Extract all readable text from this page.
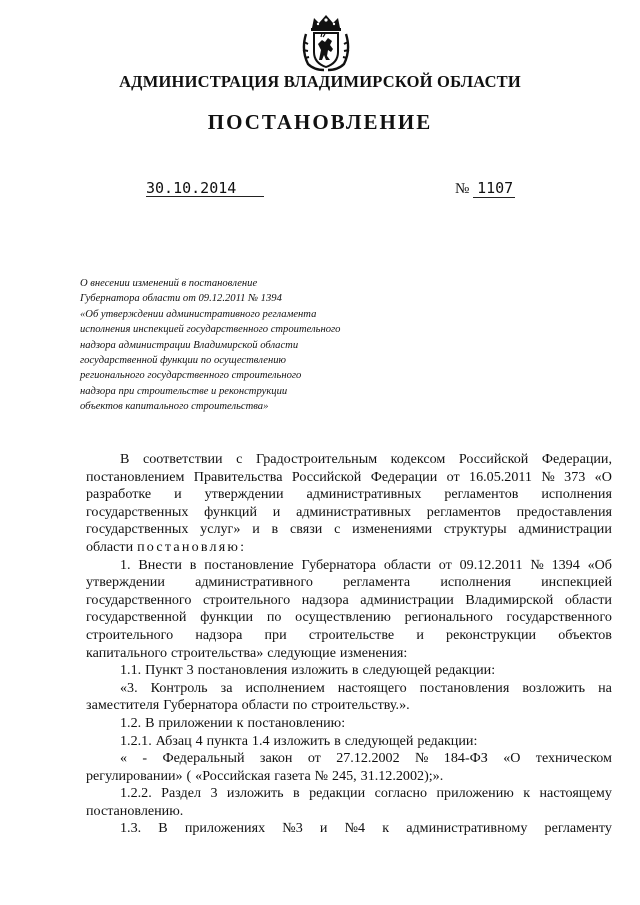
АДМИНИСТРАЦИЯ ВЛАДИМИРСКОЙ ОБЛАСТИ
ПОСТАНОВЛЕНИЕ
30.10.2014	№ 1107
О внесении изменений в постановление
Губернатора области от 09.12.2011 № 1394
«Об утверждении административного регламента
исполнения инспекцией государственного строительного
надзора администрации Владимирской области
государственной функции по осуществлению
регионального государственного строительного
надзора при строительстве и реконструкции
объектов капитального строительства»
В соответствии с Градостроительным кодексом Российской Федерации,
постановлением Правительства Российской Федерации от 16.05.2011 № 373 «О
разработке и утверждении административных регламентов исполнения
государственных функций и административных регламентов предоставления
государственных услуг» и в связи с изменениями структуры администрации
области постановляю:
1. Внести в постановление Губернатора области от 09.12.2011 № 1394 «Об
утверждении административного регламента исполнения инспекцией
государственного строительного надзора администрации Владимирской области
государственной функции по осуществлению регионального государственного
строительного надзора при строительстве и реконструкции объектов
капитального строительства» следующие изменения:
1.1. Пункт 3 постановления изложить в следующей редакции:
«3. Контроль за исполнением настоящего постановления возложить на
заместителя Губернатора области по строительству.».
1.2. В приложении к постановлению:
1.2.1. Абзац 4 пункта 1.4 изложить в следующей редакции:
« - Федеральный закон от 27.12.2002 № 184-ФЗ «О техническом
регулировании» ( «Российская газета № 245, 31.12.2002);».
1.2.2. Раздел 3 изложить в редакции согласно приложению к настоящему
постановлению.
1.3. В приложениях №3 и №4 к административному регламенту
